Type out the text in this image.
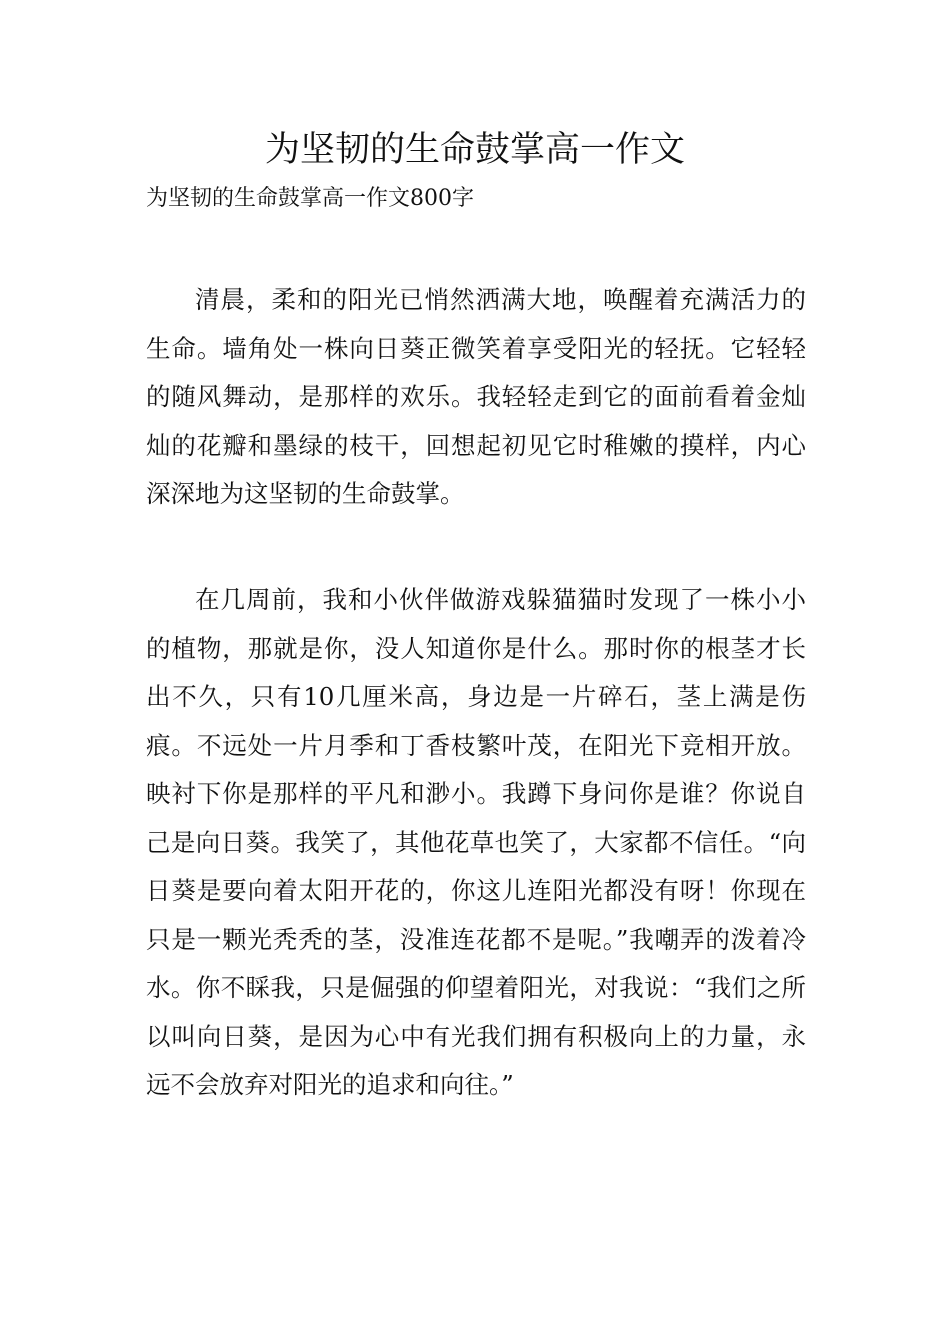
为坚韧的生命鼓掌高一作文

为坚韧的生命鼓掌高一作文800字

清晨，柔和的阳光已悄然洒满大地，唤醒着充满活力的生命。墙角处一株向日葵正微笑着享受阳光的轻抚。它轻轻的随风舞动，是那样的欢乐。我轻轻走到它的面前看着金灿灿的花瓣和墨绿的枝干，回想起初见它时稚嫩的摸样，内心深深地为这坚韧的生命鼓掌。

在几周前，我和小伙伴做游戏躲猫猫时发现了一株小小的植物，那就是你，没人知道你是什么。那时你的根茎才长出不久，只有10几厘米高，身边是一片碎石，茎上满是伤痕。不远处一片月季和丁香枝繁叶茂，在阳光下竞相开放。映衬下你是那样的平凡和渺小。我蹲下身问你是谁？你说自己是向日葵。我笑了，其他花草也笑了，大家都不信任。“向日葵是要向着太阳开花的，你这儿连阳光都没有呀！你现在只是一颗光秃秃的茎，没准连花都不是呢。”我嘲弄的泼着冷水。你不睬我，只是倔强的仰望着阳光，对我说：“我们之所以叫向日葵，是因为心中有光我们拥有积极向上的力量，永远不会放弃对阳光的追求和向往。”
